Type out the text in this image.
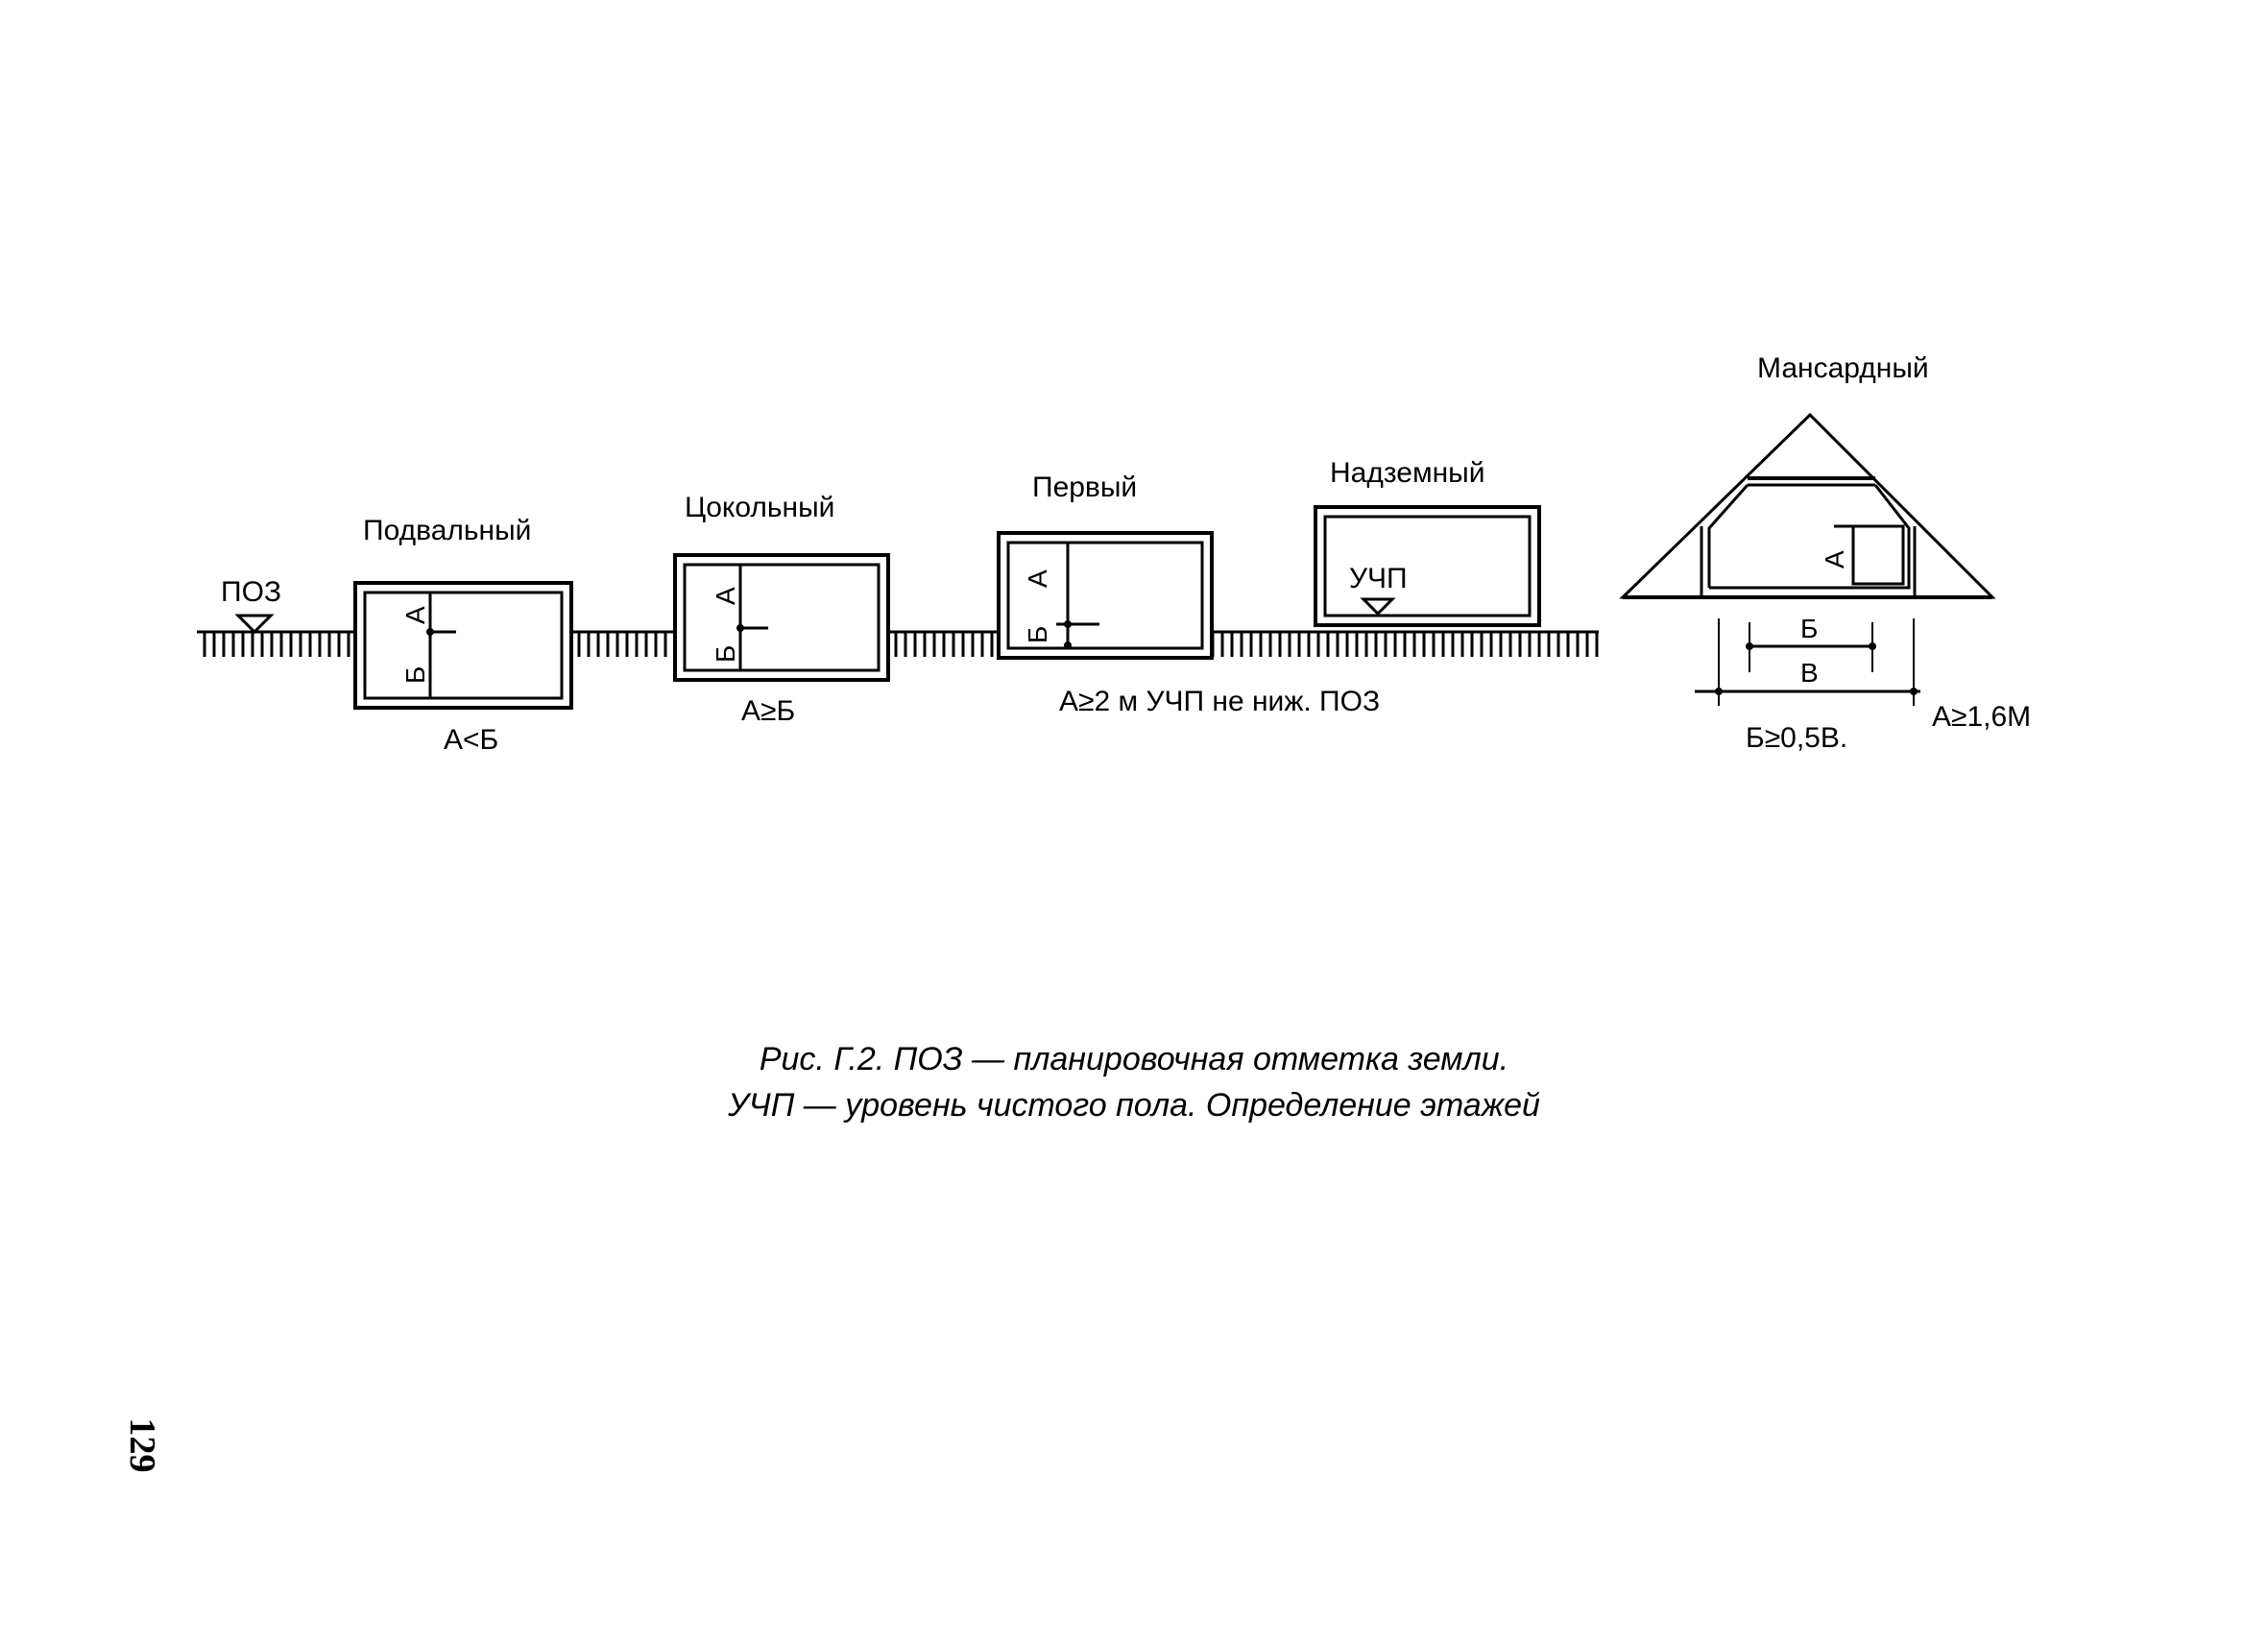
ПОЗ
А
Б
Подвальный
А<Б
А
Б
Цокольный
А≥Б
А
Б
Первый
А≥2 м УЧП не ниж. ПОЗ
УЧП
Надземный
А
Б
В
Мансардный
Б≥0,5В.
А≥1,6М
Рис. Г.2. ПОЗ — планировочная отметка земли.
УЧП — уровень чистого пола. Определение этажей
129
